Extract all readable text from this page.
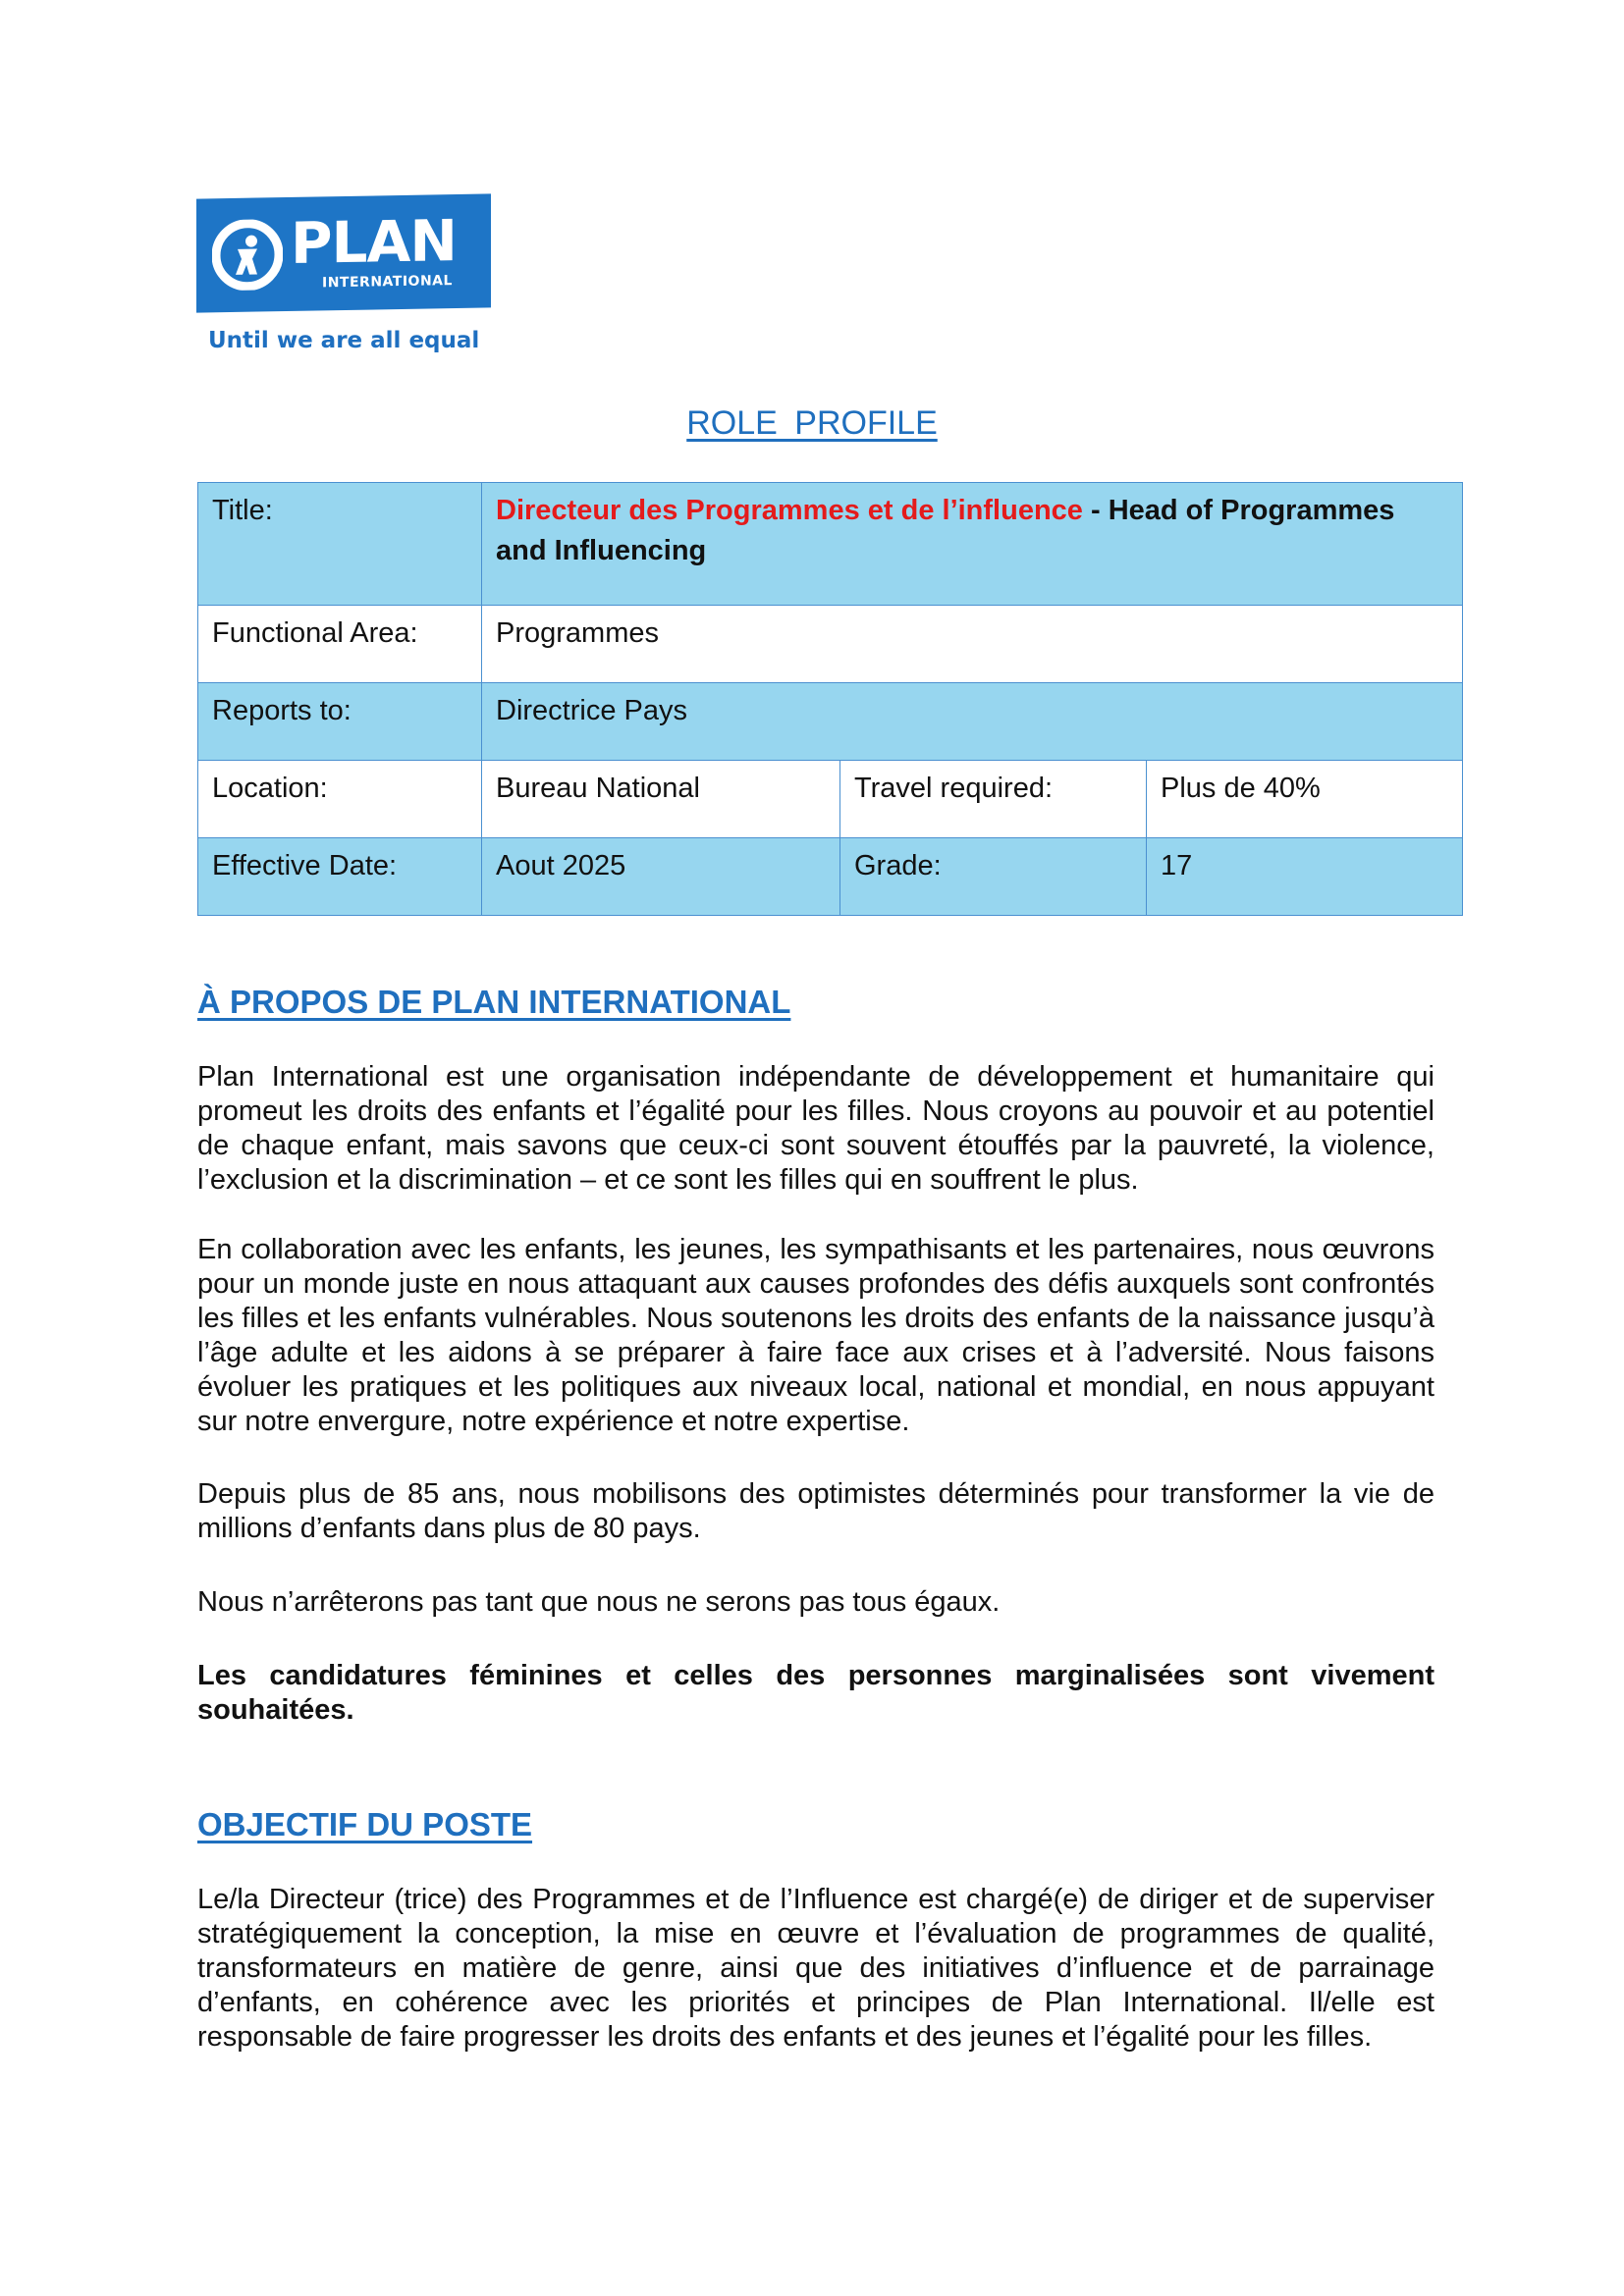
PLAN
INTERNATIONAL
Until we are all equal
ROLE PROFILE
Title:	Directeur des Programmes et de l’influence - Head of Programmes and Influencing		
Functional Area:	Programmes		
Reports to:	Directrice Pays		
Location:	Bureau National	Travel required:	Plus de 40%
Effective Date:	Aout 2025	Grade:	17
À PROPOS DE PLAN INTERNATIONAL

Plan International est une organisation indépendante de développement et humanitaire qui promeut les droits des enfants et l’égalité pour les filles. Nous croyons au pouvoir et au potentiel de chaque enfant, mais savons que ceux-ci sont souvent étouffés par la pauvreté, la violence, l’exclusion et la discrimination – et ce sont les filles qui en souffrent le plus.

En collaboration avec les enfants, les jeunes, les sympathisants et les partenaires, nous œuvrons pour un monde juste en nous attaquant aux causes profondes des défis auxquels sont confrontés les filles et les enfants vulnérables. Nous soutenons les droits des enfants de la naissance jusqu’à l’âge adulte et les aidons à se préparer à faire face aux crises et à l’adversité. Nous faisons évoluer les pratiques et les politiques aux niveaux local, national et mondial, en nous appuyant sur notre envergure, notre expérience et notre expertise.

Depuis plus de 85 ans, nous mobilisons des optimistes déterminés pour transformer la vie de millions d’enfants dans plus de 80 pays.

Nous n’arrêterons pas tant que nous ne serons pas tous égaux.

Les candidatures féminines et celles des personnes marginalisées sont vivement souhaitées.

OBJECTIF DU POSTE

Le/la Directeur (trice) des Programmes et de l’Influence est chargé(e) de diriger et de superviser stratégiquement la conception, la mise en œuvre et l’évaluation de programmes de qualité, transformateurs en matière de genre, ainsi que des initiatives d’influence et de parrainage d’enfants, en cohérence avec les priorités et principes de Plan International. Il/elle est responsable de faire progresser les droits des enfants et des jeunes et l’égalité pour les filles.
